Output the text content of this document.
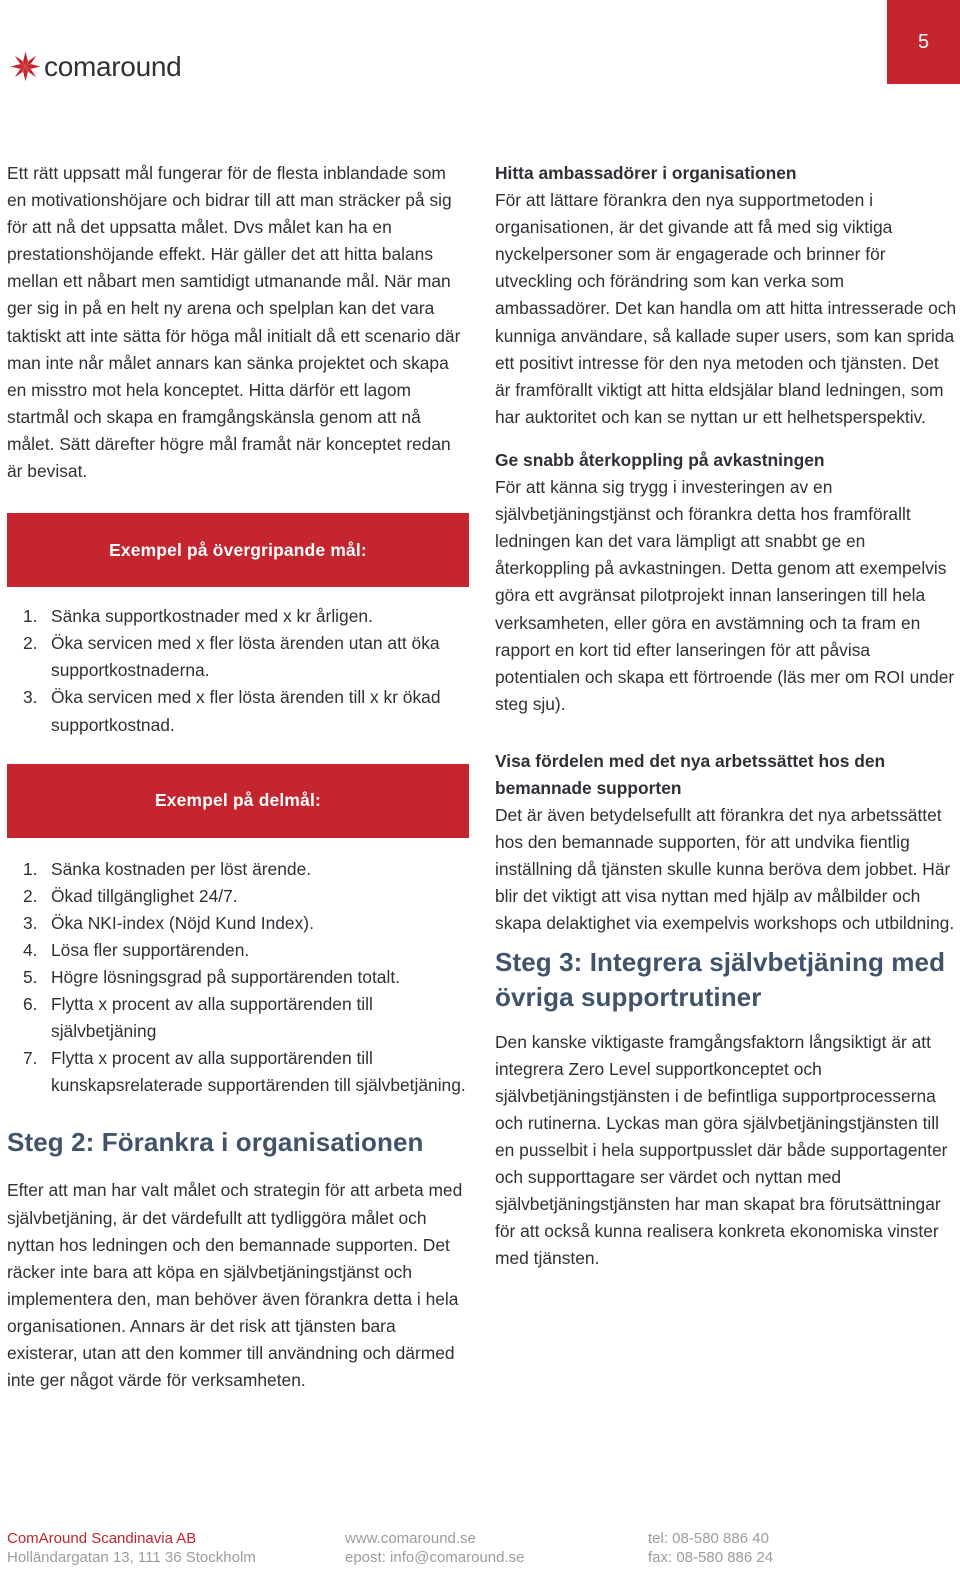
5
comaround

Ett rätt uppsatt mål fungerar för de flesta inblandade som en motivationshöjare och bidrar till att man sträcker på sig för att nå det uppsatta målet. Dvs målet kan ha en prestationshöjande effekt. Här gäller det att hitta balans mellan ett nåbart men samtidigt utmanande mål. När man ger sig in på en helt ny arena och spelplan kan det vara taktiskt att inte sätta för höga mål initialt då ett scenario där man inte når målet annars kan sänka projektet och skapa en misstro mot hela konceptet. Hitta därför ett lagom startmål och skapa en framgångskänsla genom att nå målet. Sätt därefter högre mål framåt när konceptet redan är bevisat.

Exempel på övergripande mål:
1. Sänka supportkostnader med x kr årligen.
2. Öka servicen med x fler lösta ärenden utan att öka supportkostnaderna.
3. Öka servicen med x fler lösta ärenden till x kr ökad supportkostnad.
Exempel på delmål:
1. Sänka kostnaden per löst ärende.
2. Ökad tillgänglighet 24/7.
3. Öka NKI-index (Nöjd Kund Index).
4. Lösa fler supportärenden.
5. Högre lösningsgrad på supportärenden totalt.
6. Flytta x procent av alla supportärenden till självbetjäning
7. Flytta x procent av alla supportärenden till kunskapsrelaterade supportärenden till självbetjäning.
Steg 2: Förankra i organisationen

Efter att man har valt målet och strategin för att arbeta med självbetjäning, är det värdefullt att tydliggöra målet och nyttan hos ledningen och den bemannade supporten. Det räcker inte bara att köpa en självbetjäningstjänst och implementera den, man behöver även förankra detta i hela organisationen. Annars är det risk att tjänsten bara existerar, utan att den kommer till användning och därmed inte ger något värde för verksamheten.

Hitta ambassadörer i organisationen

För att lättare förankra den nya supportmetoden i organisationen, är det givande att få med sig viktiga nyckelpersoner som är engagerade och brinner för utveckling och förändring som kan verka som ambassadörer. Det kan handla om att hitta intresserade och kunniga användare, så kallade super users, som kan sprida ett positivt intresse för den nya metoden och tjänsten. Det är framförallt viktigt att hitta eldsjälar bland ledningen, som har auktoritet och kan se nyttan ur ett helhetsperspektiv.

Ge snabb återkoppling på avkastningen

För att känna sig trygg i investeringen av en självbetjäningstjänst och förankra detta hos framförallt ledningen kan det vara lämpligt att snabbt ge en återkoppling på avkastningen. Detta genom att exempelvis göra ett avgränsat pilotprojekt innan lanseringen till hela verksamheten, eller göra en avstämning och ta fram en rapport en kort tid efter lanseringen för att påvisa potentialen och skapa ett förtroende (läs mer om ROI under steg sju).

Visa fördelen med det nya arbetssättet hos den bemannade supporten

Det är även betydelsefullt att förankra det nya arbetssättet hos den bemannade supporten, för att undvika fientlig inställning då tjänsten skulle kunna beröva dem jobbet. Här blir det viktigt att visa nyttan med hjälp av målbilder och skapa delaktighet via exempelvis workshops och utbildning.

Steg 3: Integrera självbetjäning med övriga supportrutiner

Den kanske viktigaste framgångsfaktorn långsiktigt är att integrera Zero Level supportkonceptet och självbetjäningstjänsten i de befintliga supportprocesserna och rutinerna. Lyckas man göra självbetjäningstjänsten till en pusselbit i hela supportpusslet där både supportagenter och supporttagare ser värdet och nyttan med självbetjäningstjänsten har man skapat bra förutsättningar för att också kunna realisera konkreta ekonomiska vinster med tjänsten.

ComAround Scandinavia AB
Holländargatan 13, 111 36 Stockholm
www.comaround.se
epost: info@comaround.se
tel: 08-580 886 40
fax: 08-580 886 24
